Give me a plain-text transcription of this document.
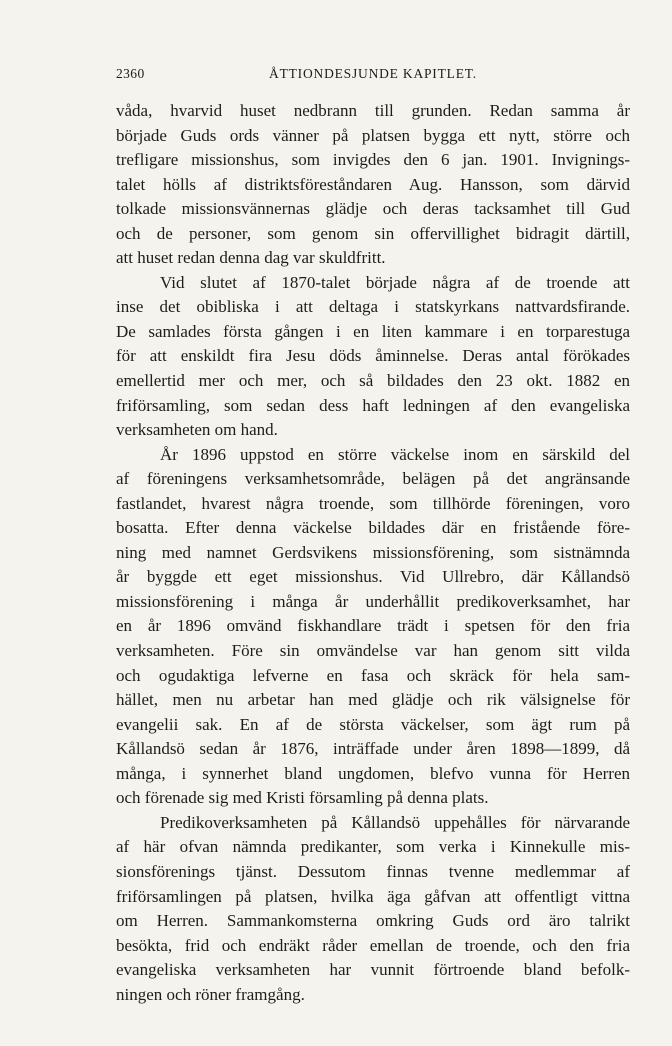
2360	ÅTTIONDESJUNDE KAPITLET.
våda, hvarvid huset nedbrann till grunden. Redan samma år
började Guds ords vänner på platsen bygga ett nytt, större och
trefligare missionshus, som invigdes den 6 jan. 1901. Invignings-
talet hölls af distriktsföreståndaren Aug. Hansson, som därvid
tolkade missionsvännernas glädje och deras tacksamhet till Gud
och de personer, som genom sin offervillighet bidragit därtill,
att huset redan denna dag var skuldfritt.
Vid slutet af 1870-talet började några af de troende att
inse det obibliska i att deltaga i statskyrkans nattvardsfirande.
De samlades första gången i en liten kammare i en torparestuga
för att enskildt fira Jesu döds åminnelse. Deras antal förökades
emellertid mer och mer, och så bildades den 23 okt. 1882 en
friförsamling, som sedan dess haft ledningen af den evangeliska
verksamheten om hand.
År 1896 uppstod en större väckelse inom en särskild del
af föreningens verksamhetsområde, belägen på det angränsande
fastlandet, hvarest några troende, som tillhörde föreningen, voro
bosatta. Efter denna väckelse bildades där en fristående före-
ning med namnet Gerdsvikens missionsförening, som sistnämnda
år byggde ett eget missionshus. Vid Ullrebro, där Kållandsö
missionsförening i många år underhållit predikoverksamhet, har
en år 1896 omvänd fiskhandlare trädt i spetsen för den fria
verksamheten. Före sin omvändelse var han genom sitt vilda
och ogudaktiga lefverne en fasa och skräck för hela sam-
hället, men nu arbetar han med glädje och rik välsignelse för
evangelii sak. En af de största väckelser, som ägt rum på
Kållandsö sedan år 1876, inträffade under åren 1898—1899, då
många, i synnerhet bland ungdomen, blefvo vunna för Herren
och förenade sig med Kristi församling på denna plats.
Predikoverksamheten på Kållandsö uppehålles för närvarande
af här ofvan nämnda predikanter, som verka i Kinnekulle mis-
sionsförenings tjänst. Dessutom finnas tvenne medlemmar af
friförsamlingen på platsen, hvilka äga gåfvan att offentligt vittna
om Herren. Sammankomsterna omkring Guds ord äro talrikt
besökta, frid och endräkt råder emellan de troende, och den fria
evangeliska verksamheten har vunnit förtroende bland befolk-
ningen och röner framgång.
